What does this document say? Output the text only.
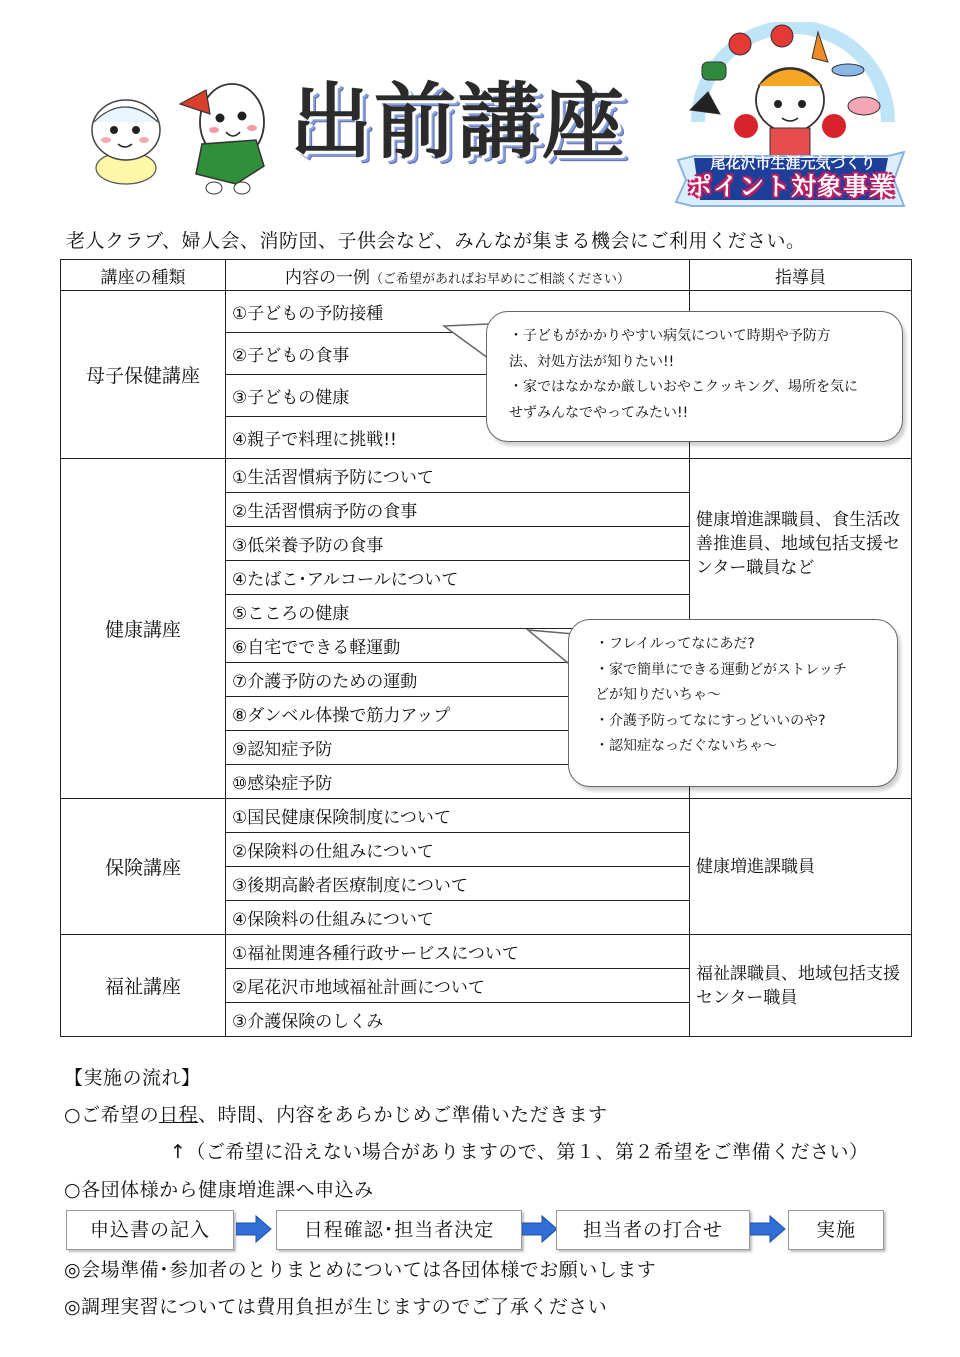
出前講座	尾花沢市生涯元気づくり
ポイント対象事業
老人クラブ、婦人会、消防団、子供会など、みんなが集まる機会にご利用ください。
講座の種類	内容の一例（ご希望があればお早めにご相談ください）	指導員
母子保健講座	①子どもの予防接種	
	②子どもの食事	
	③子どもの健康	
	④親子で料理に挑戦!!	
健康講座	①生活習慣病予防について	健康増進課職員、食生活改善推進員、地域包括支援センター職員など
	②生活習慣病予防の食事	
	③低栄養予防の食事	
	④たばこ･アルコールについて	
	⑤こころの健康	
	⑥自宅でできる軽運動	
	⑦介護予防のための運動	
	⑧ダンベル体操で筋力アップ	
	⑨認知症予防	
	⑩感染症予防	
保険講座	①国民健康保険制度について	健康増進課職員
	②保険料の仕組みについて	
	③後期高齢者医療制度について	
	④保険料の仕組みについて	
福祉講座	①福祉関連各種行政サービスについて	福祉課職員、地域包括支援センター職員
	②尾花沢市地域福祉計画について	
	③介護保険のしくみ	
・子どもがかかりやすい病気について時期や予防方
法、対処方法が知りたい!!
・家ではなかなか厳しいおやこクッキング、場所を気に
せずみんなでやってみたい!!
・フレイルってなにあだ?
・家で簡単にできる運動どがストレッチ
どが知りだいちゃ～
・介護予防ってなにすっどいいのや?
・認知症なっだぐないちゃ～
【実施の流れ】
○ご希望の日程、時間、内容をあらかじめご準備いただきます
↑（ご希望に沿えない場合がありますので、第１、第２希望をご準備ください）
○各団体様から健康増進課へ申込み
申込書の記入	日程確認･担当者決定	担当者の打合せ	実施
◎会場準備･参加者のとりまとめについては各団体様でお願いします
◎調理実習については費用負担が生じますのでご了承ください
